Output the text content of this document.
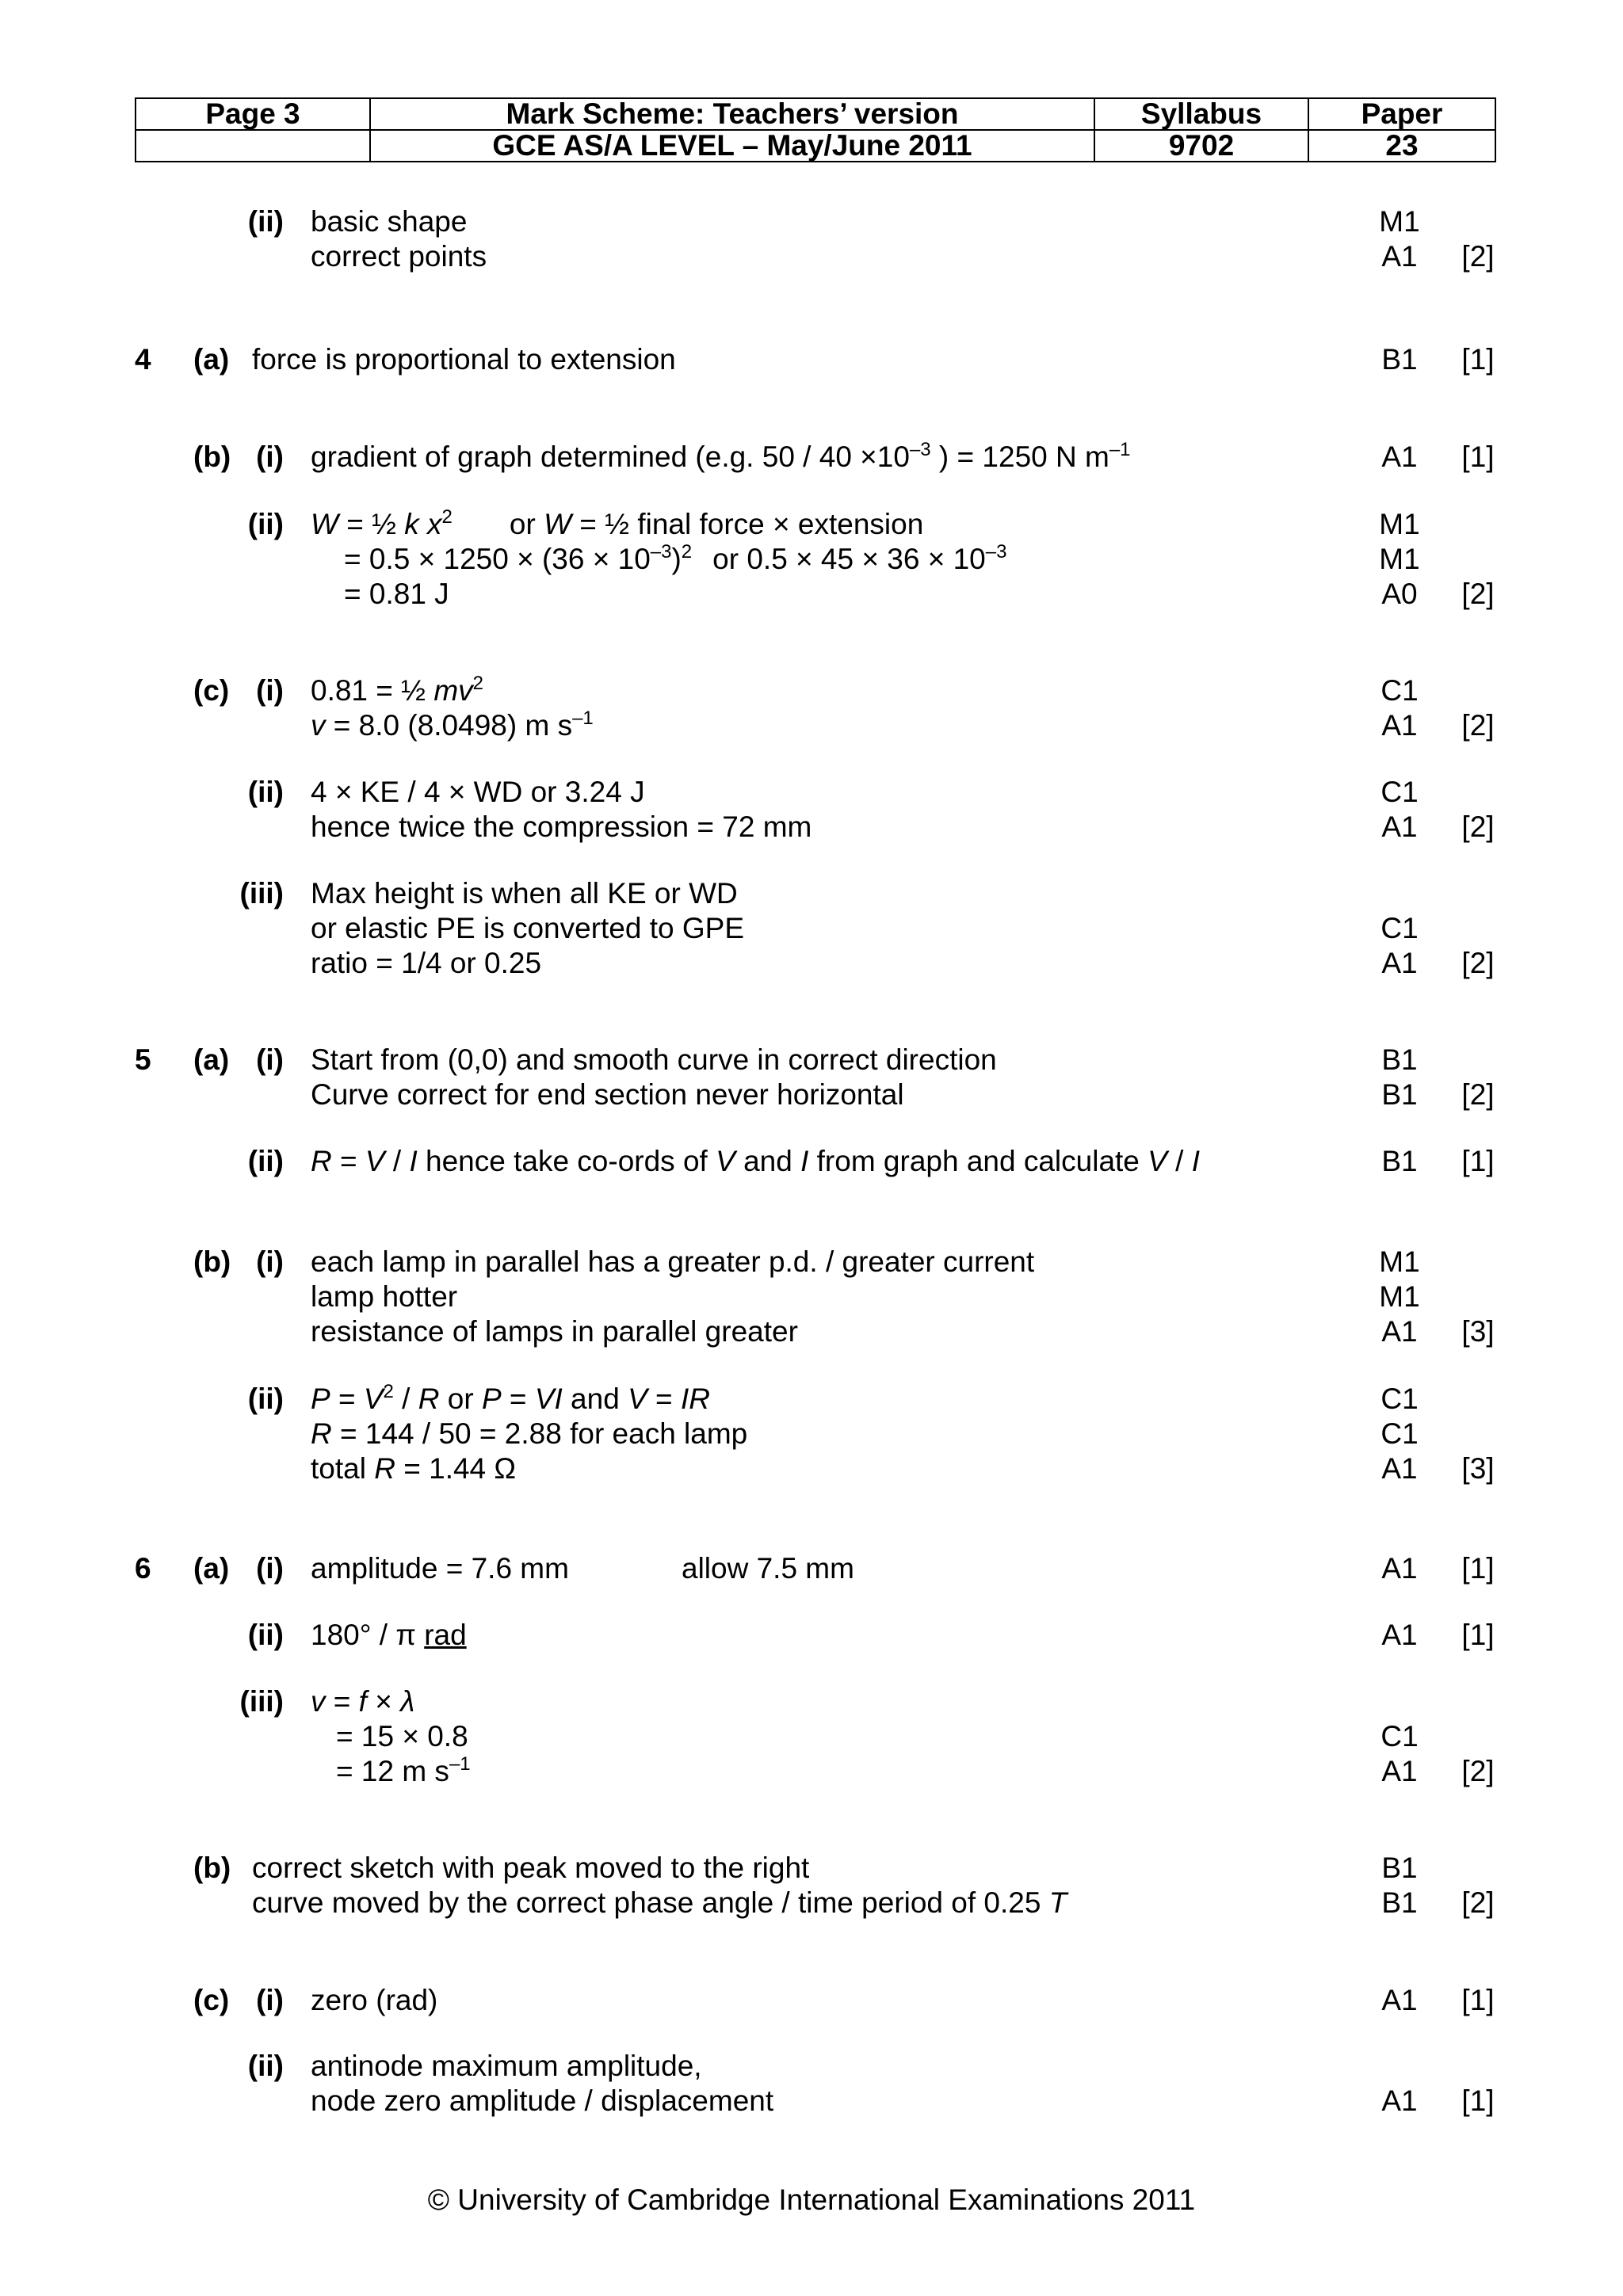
Page 3	Mark Scheme: Teachers’ version	Syllabus	Paper
	GCE AS/A LEVEL – May/June 2011	9702	23
(ii) basic shape	M1
correct points	A1 [2]
4 (a) force is proportional to extension	B1 [1]
(b) (i) gradient of graph determined (e.g. $50 / 40 \times 10^{-3}$ ) = 1250 N $m^{-1}$	A1 [1]
(ii) W = ½ k $x^2$ or W = ½ final force × extension	M1
= $0.5 \times 1250 \times (36 \times 10^{-3})^2$ or $0.5 \times 45 \times 36 \times 10^{-3}$	M1
= 0.81 J	A0 [2]
(c) (i) 0.81 = ½ $mv^2$	C1
v = 8.0 (8.0498) m $s^{-1}$	A1 [2]
(ii) 4 × KE / 4 × WD or 3.24 J	C1
hence twice the compression = 72 mm	A1 [2]
(iii) Max height is when all KE or WD
or elastic PE is converted to GPE	C1
ratio = 1/4 or 0.25	A1 [2]
5 (a) (i) Start from (0,0) and smooth curve in correct direction	B1
Curve correct for end section never horizontal	B1 [2]
(ii) R = V / I hence take co-ords of V and I from graph and calculate V / I	B1 [1]
(b) (i) each lamp in parallel has a greater p.d. / greater current	M1
lamp hotter	M1
resistance of lamps in parallel greater	A1 [3]
(ii) $P = V^2 / R$ or P = VI and V = IR	C1
R = 144 / 50 = 2.88 for each lamp	C1
total R = 1.44 Ω	A1 [3]
6 (a) (i) amplitude = 7.6 mm	allow 7.5 mm	A1 [1]
(ii) 180° / π rad	A1 [1]
(iii) v = f × λ
= 15 × 0.8	C1
= 12 m $s^{-1}$	A1 [2]
(b) correct sketch with peak moved to the right	B1
curve moved by the correct phase angle / time period of 0.25 T	B1 [2]
(c) (i) zero (rad)	A1 [1]
(ii) antinode maximum amplitude,
node zero amplitude / displacement	A1 [1]
© University of Cambridge International Examinations 2011
